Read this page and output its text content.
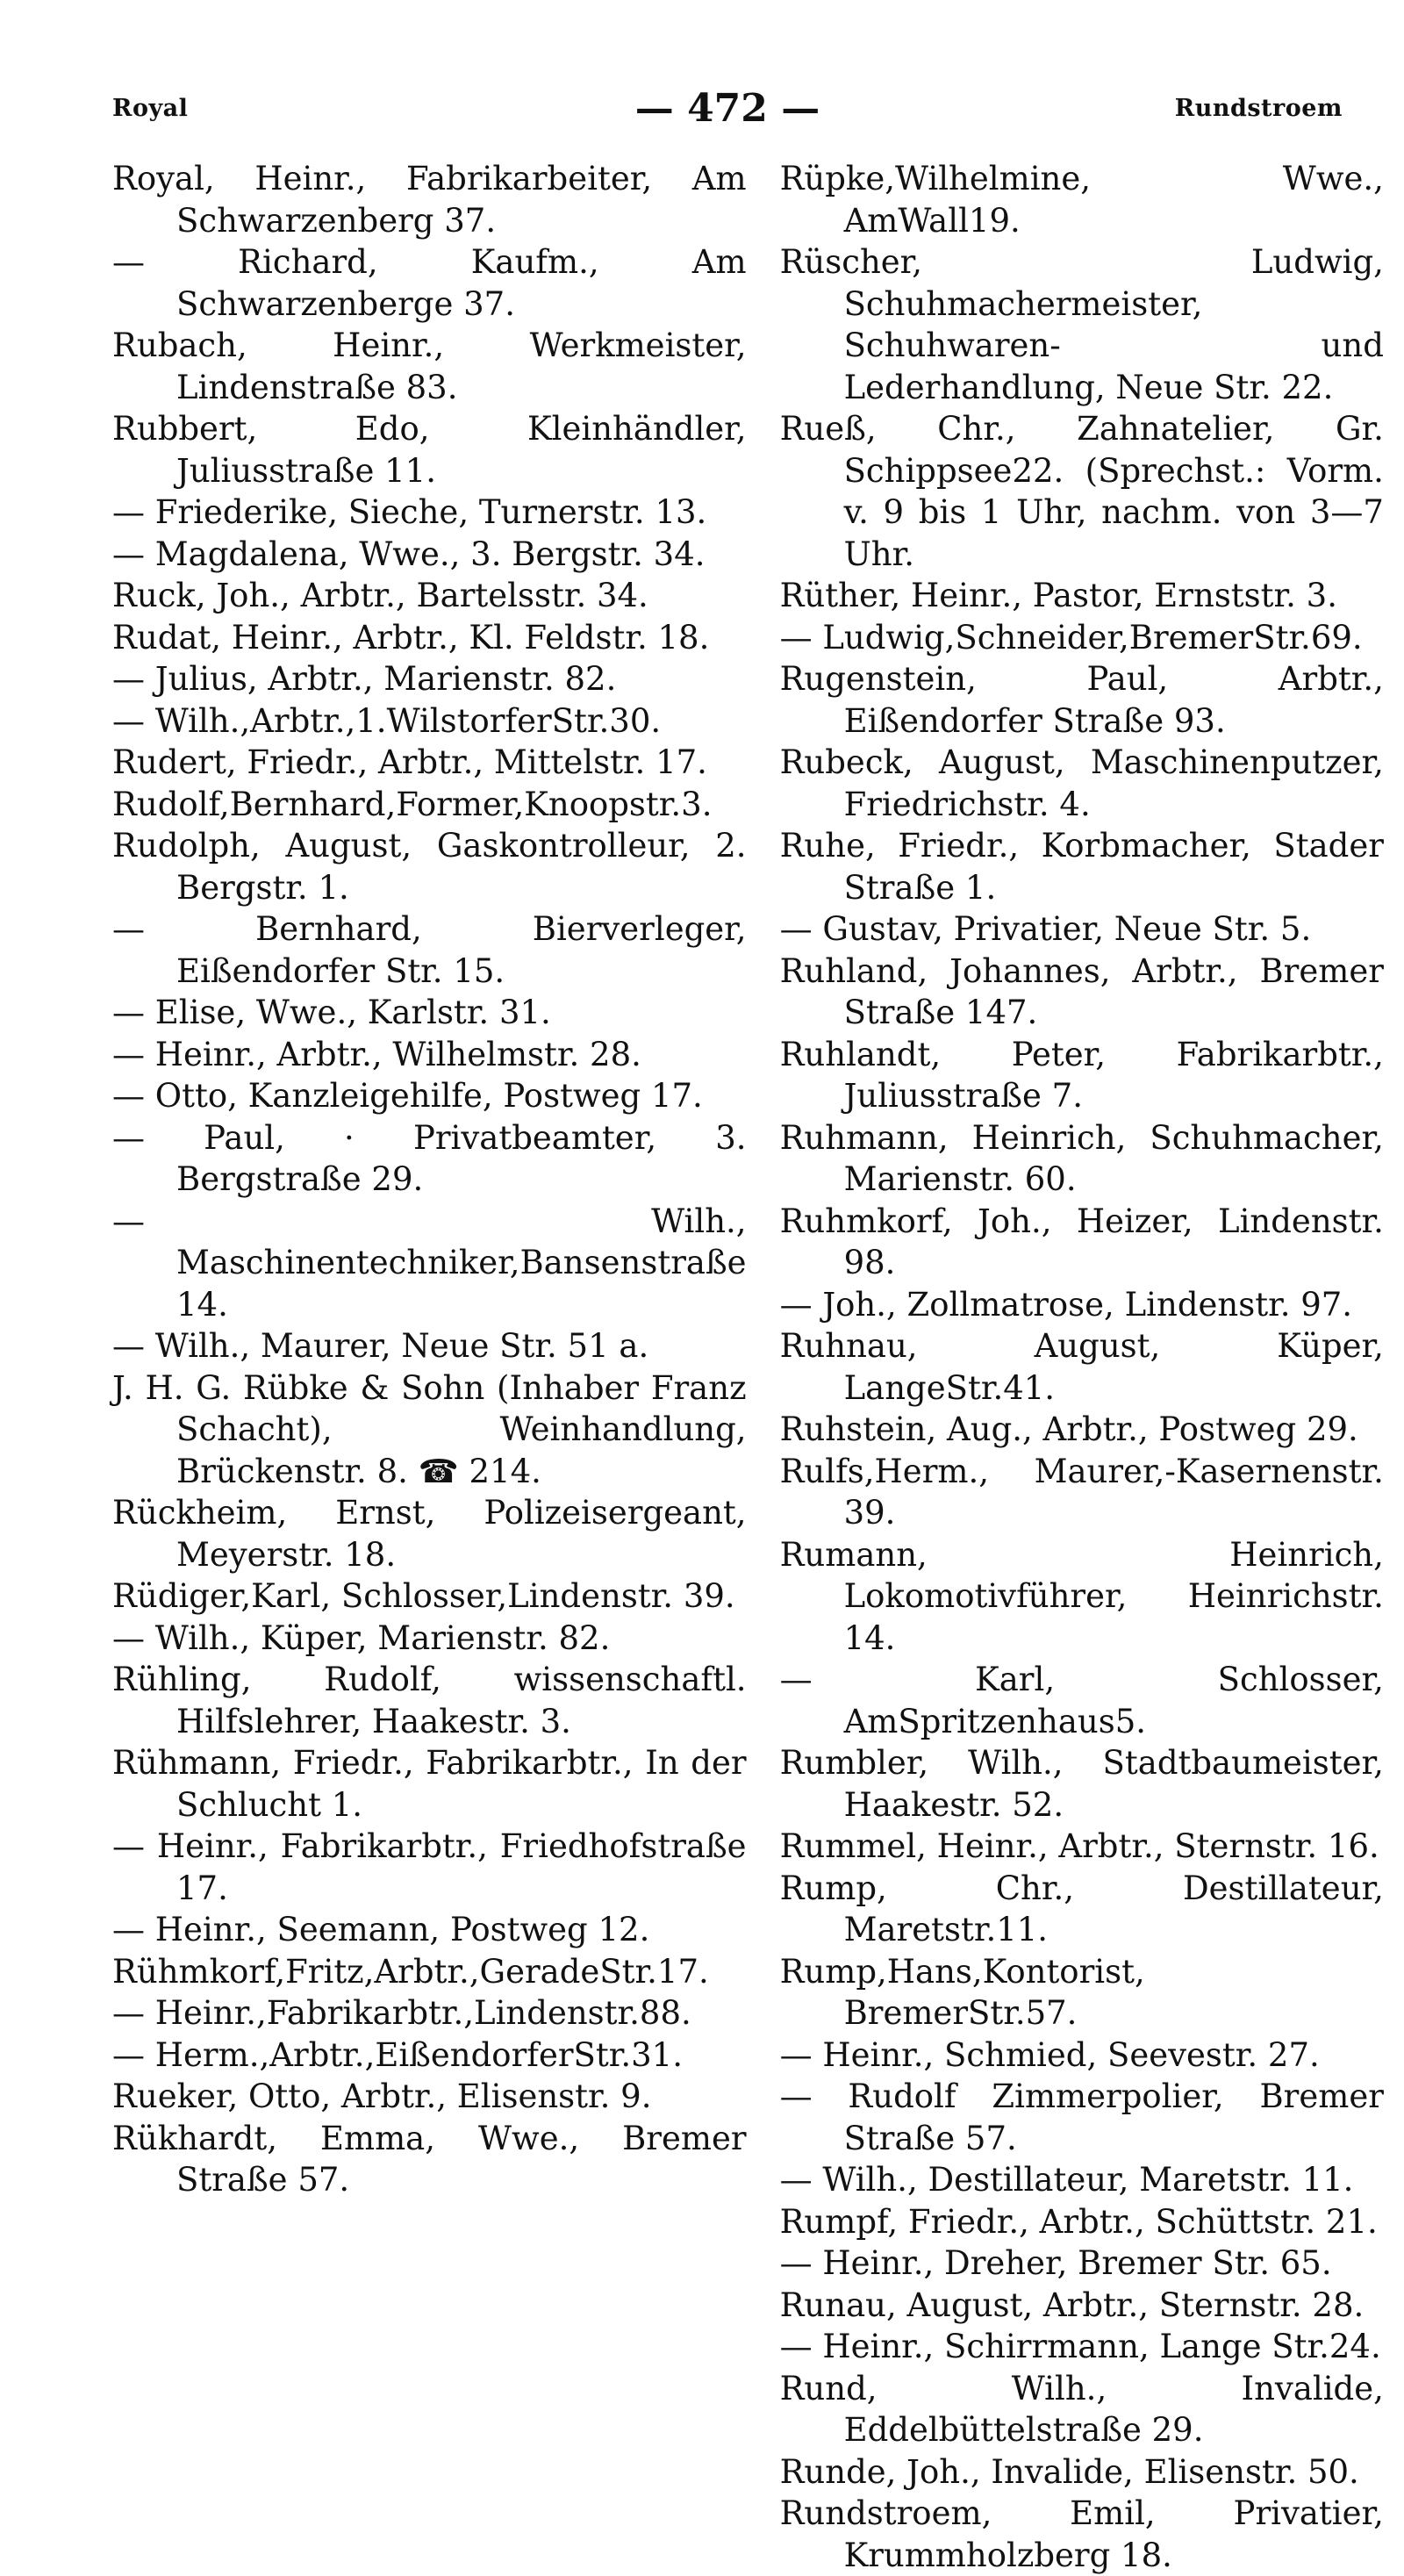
Royal	— 472 —	Rundstroem

Royal, Heinr., Fabrikarbeiter, Am Schwarzenberg 37.

— Richard, Kaufm., Am Schwarzenberge 37.

Rubach, Heinr., Werkmeister, Lindenstraße 83.

Rubbert, Edo, Kleinhändler, Juliusstraße 11.

— Friederike, Sieche, Turnerstr. 13.

— Magdalena, Wwe., 3. Bergstr. 34.

Ruck, Joh., Arbtr., Bartelsstr. 34.

Rudat, Heinr., Arbtr., Kl. Feldstr. 18.

— Julius, Arbtr., Marienstr. 82.

— Wilh.,Arbtr.,1.WilstorferStr.30.

Rudert, Friedr., Arbtr., Mittelstr. 17.

Rudolf,Bernhard,Former,Knoopstr.3.

Rudolph, August, Gaskontrolleur, 2. Bergstr. 1.

— Bernhard, Bierverleger, Eißendorfer Str. 15.

— Elise, Wwe., Karlstr. 31.

— Heinr., Arbtr., Wilhelmstr. 28.

— Otto, Kanzleigehilfe, Postweg 17.

— Paul, · Privatbeamter, 3. Bergstraße 29.

— Wilh., Maschinentechniker,Bansenstraße 14.

— Wilh., Maurer, Neue Str. 51 a.

J. H. G. Rübke & Sohn (Inhaber Franz Schacht), Weinhandlung, Brückenstr. 8. ☎ 214.

Rückheim, Ernst, Polizeisergeant, Meyerstr. 18.

Rüdiger,Karl, Schlosser,Lindenstr. 39.

— Wilh., Küper, Marienstr. 82.

Rühling, Rudolf, wissenschaftl. Hilfslehrer, Haakestr. 3.

Rühmann, Friedr., Fabrikarbtr., In der Schlucht 1.

— Heinr., Fabrikarbtr., Friedhofstraße 17.

— Heinr., Seemann, Postweg 12.

Rühmkorf,Fritz,Arbtr.,GeradeStr.17.

— Heinr.,Fabrikarbtr.,Lindenstr.88.

— Herm.,Arbtr.,EißendorferStr.31.

Rueker, Otto, Arbtr., Elisenstr. 9.

Rükhardt, Emma, Wwe., Bremer Straße 57.

Rüpke,Wilhelmine, Wwe., AmWall19.

Rüscher, Ludwig, Schuhmachermeister, Schuhwaren- und Lederhandlung, Neue Str. 22.

Rueß, Chr., Zahnatelier, Gr. Schippsee22. (Sprechst.: Vorm. v. 9 bis 1 Uhr, nachm. von 3—7 Uhr.

Rüther, Heinr., Pastor, Ernststr. 3.

— Ludwig,Schneider,BremerStr.69.

Rugenstein, Paul, Arbtr., Eißendorfer Straße 93.

Rubeck, August, Maschinenputzer, Friedrichstr. 4.

Ruhe, Friedr., Korbmacher, Stader Straße 1.

— Gustav, Privatier, Neue Str. 5.

Ruhland, Johannes, Arbtr., Bremer Straße 147.

Ruhlandt, Peter, Fabrikarbtr., Juliusstraße 7.

Ruhmann, Heinrich, Schuhmacher, Marienstr. 60.

Ruhmkorf, Joh., Heizer, Lindenstr. 98.

— Joh., Zollmatrose, Lindenstr. 97.

Ruhnau, August, Küper, LangeStr.41.

Ruhstein, Aug., Arbtr., Postweg 29.

Rulfs,Herm., Maurer,-Kasernenstr. 39.

Rumann, Heinrich, Lokomotivführer, Heinrichstr. 14.

— Karl, Schlosser, AmSpritzenhaus5.

Rumbler, Wilh., Stadtbaumeister, Haakestr. 52.

Rummel, Heinr., Arbtr., Sternstr. 16.

Rump, Chr., Destillateur, Maretstr.11.

Rump,Hans,Kontorist, BremerStr.57.

— Heinr., Schmied, Seevestr. 27.

— Rudolf Zimmerpolier, Bremer Straße 57.

— Wilh., Destillateur, Maretstr. 11.

Rumpf, Friedr., Arbtr., Schüttstr. 21.

— Heinr., Dreher, Bremer Str. 65.

Runau, August, Arbtr., Sternstr. 28.

— Heinr., Schirrmann, Lange Str.24.

Rund, Wilh., Invalide, Eddelbüttelstraße 29.

Runde, Joh., Invalide, Elisenstr. 50.

Rundstroem, Emil, Privatier, Krummholzberg 18.
